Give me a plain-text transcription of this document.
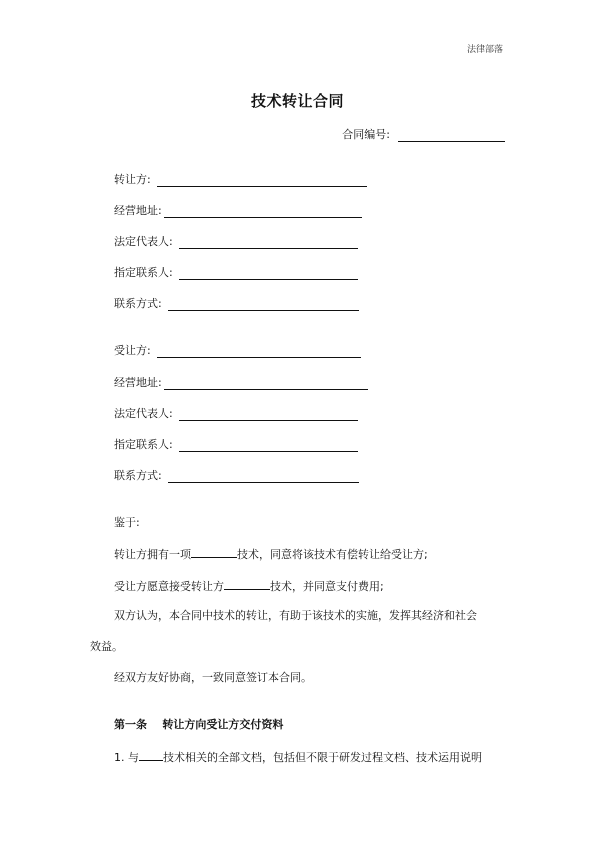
法律部落
技术转让合同
合同编号:
转让方:
经营地址:
法定代表人:
指定联系人:
联系方式:
受让方:
经营地址:
法定代表人:
指定联系人:
联系方式:
鉴于:
转让方拥有一项	技术，同意将该技术有偿转让给受让方;
受让方愿意接受转让方	技术，并同意支付费用;
双方认为，本合同中技术的转让，有助于该技术的实施，发挥其经济和社会
效益。
经双方友好协商，一致同意签订本合同。
第一条    转让方向受让方交付资料
1. 与 技术相关的全部文档，包括但不限于研发过程文档、技术运用说明
